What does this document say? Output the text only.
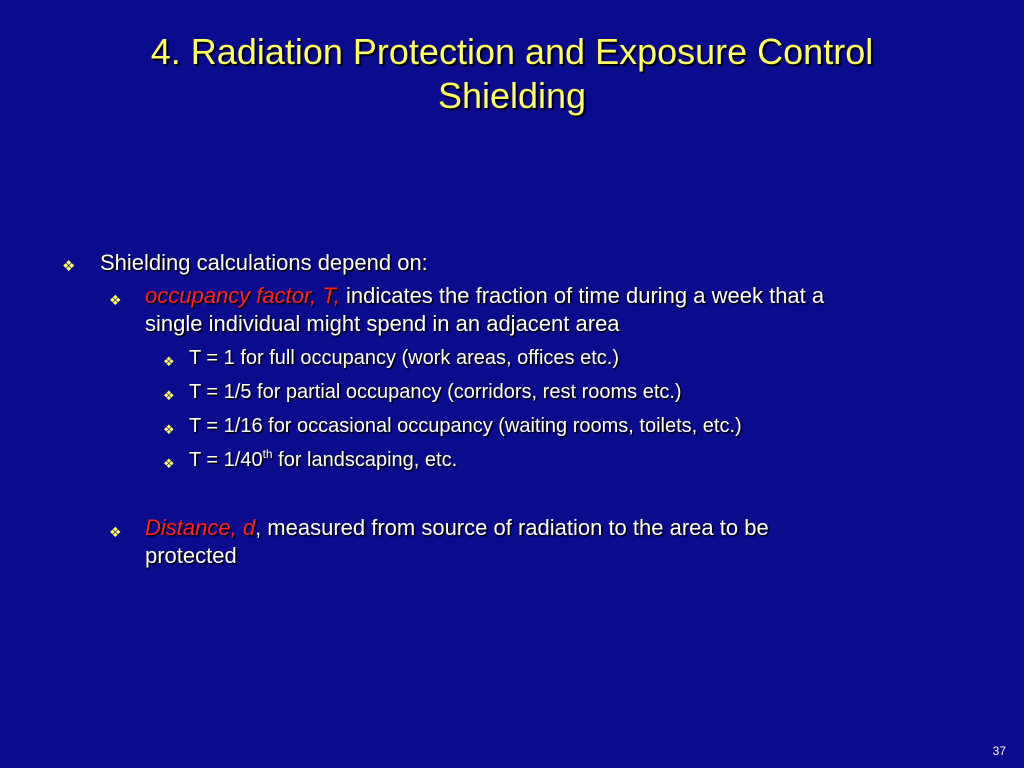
4. Radiation Protection and Exposure Control
Shielding
❖ Shielding calculations depend on:
❖ occupancy factor, T, indicates the fraction of time during a week that a
single individual might spend in an adjacent area
❖ T = 1 for full occupancy (work areas, offices etc.)
❖ T = 1/5 for partial occupancy (corridors, rest rooms etc.)
❖ T = 1/16 for occasional occupancy (waiting rooms, toilets, etc.)
❖ T = 1/40th for landscaping, etc.
❖ Distance, d, measured from source of radiation to the area to be
protected
37
